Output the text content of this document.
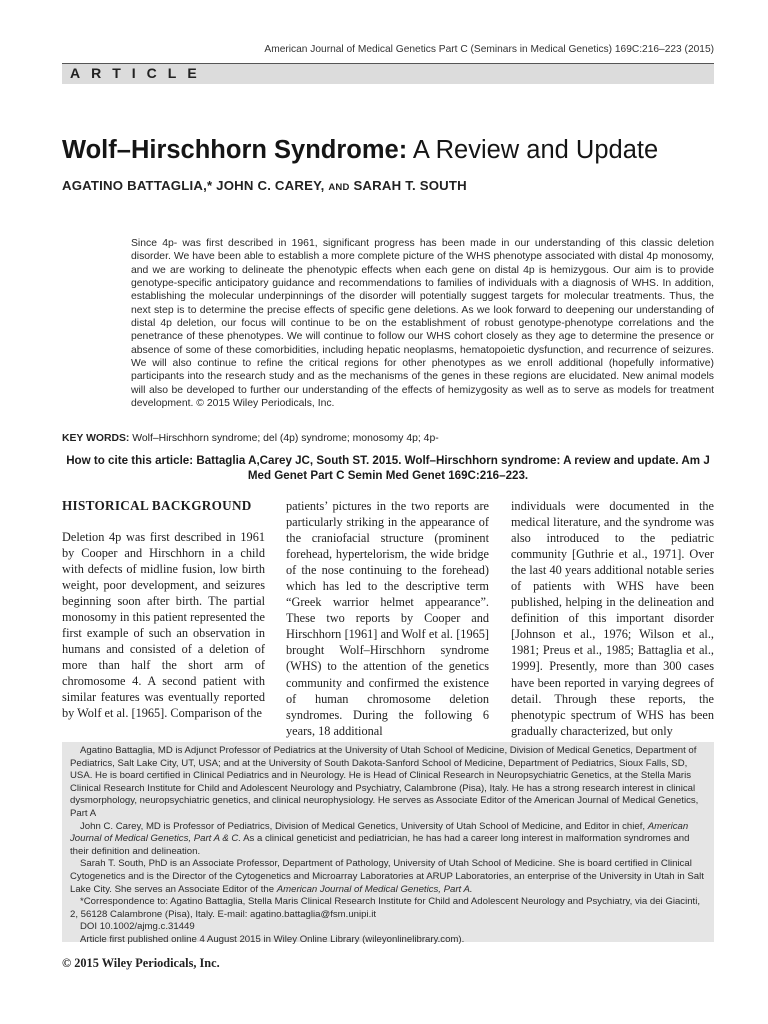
American Journal of Medical Genetics Part C (Seminars in Medical Genetics) 169C:216–223 (2015)
ARTICLE
Wolf–Hirschhorn Syndrome: A Review and Update
AGATINO BATTAGLIA,* JOHN C. CAREY, AND SARAH T. SOUTH

Since 4p- was first described in 1961, significant progress has been made in our understanding of this classic deletion disorder. We have been able to establish a more complete picture of the WHS phenotype associated with distal 4p monosomy, and we are working to delineate the phenotypic effects when each gene on distal 4p is hemizygous. Our aim is to provide genotype-specific anticipatory guidance and recommendations to families of individuals with a diagnosis of WHS. In addition, establishing the molecular underpinnings of the disorder will potentially suggest targets for molecular treatments. Thus, the next step is to determine the precise effects of specific gene deletions. As we look forward to deepening our understanding of distal 4p deletion, our focus will continue to be on the establishment of robust genotype-phenotype correlations and the penetrance of these phenotypes. We will continue to follow our WHS cohort closely as they age to determine the presence or absence of some of these comorbidities, including hepatic neoplasms, hematopoietic dysfunction, and recurrence of seizures. We will also continue to refine the critical regions for other phenotypes as we enroll additional (hopefully informative) participants into the research study and as the mechanisms of the genes in these regions are elucidated. New animal models will also be developed to further our understanding of the effects of hemizygosity as well as to serve as models for treatment development. © 2015 Wiley Periodicals, Inc.

KEY WORDS: Wolf–Hirschhorn syndrome; del (4p) syndrome; monosomy 4p; 4p-

How to cite this article: Battaglia A,Carey JC, South ST. 2015. Wolf–Hirschhorn syndrome: A review and update. Am J Med Genet Part C Semin Med Genet 169C:216–223.

HISTORICAL BACKGROUND

Deletion 4p was first described in 1961 by Cooper and Hirschhorn in a child with defects of midline fusion, low birth weight, poor development, and seizures beginning soon after birth. The partial monosomy in this patient represented the first example of such an observation in humans and consisted of a deletion of more than half the short arm of chromosome 4. A second patient with similar features was eventually reported by Wolf et al. [1965]. Comparison of the

patients’ pictures in the two reports are particularly striking in the appearance of the craniofacial structure (prominent forehead, hypertelorism, the wide bridge of the nose continuing to the forehead) which has led to the descriptive term “Greek warrior helmet appearance”. These two reports by Cooper and Hirschhorn [1961] and Wolf et al. [1965] brought Wolf–Hirschhorn syndrome (WHS) to the attention of the genetics community and confirmed the existence of human chromosome deletion syndromes. During the following 6 years, 18 additional

individuals were documented in the medical literature, and the syndrome was also introduced to the pediatric community [Guthrie et al., 1971]. Over the last 40 years additional notable series of patients with WHS have been published, helping in the delineation and definition of this important disorder [Johnson et al., 1976; Wilson et al., 1981; Preus et al., 1985; Battaglia et al., 1999]. Presently, more than 300 cases have been reported in varying degrees of detail. Through these reports, the phenotypic spectrum of WHS has been gradually characterized, but only

Agatino Battaglia, MD is Adjunct Professor of Pediatrics at the University of Utah School of Medicine, Division of Medical Genetics, Department of Pediatrics, Salt Lake City, UT, USA; and at the University of South Dakota-Sanford School of Medicine, Department of Pediatrics, Sioux Falls, SD, USA. He is board certified in Clinical Pediatrics and in Neurology. He is Head of Clinical Research in Neuropsychiatric Genetics, at the Stella Maris Clinical Research Institute for Child and Adolescent Neurology and Psychiatry, Calambrone (Pisa), Italy. He has a strong research interest in clinical dysmorphology, neuropsychiatric genetics, and clinical neurophysiology. He serves as Associate Editor of the American Journal of Medical Genetics, Part A

John C. Carey, MD is Professor of Pediatrics, Division of Medical Genetics, University of Utah School of Medicine, and Editor in chief, American Journal of Medical Genetics, Part A & C. As a clinical geneticist and pediatrician, he has had a career long interest in malformation syndromes and their definition and delineation.

Sarah T. South, PhD is an Associate Professor, Department of Pathology, University of Utah School of Medicine. She is board certified in Clinical Cytogenetics and is the Director of the Cytogenetics and Microarray Laboratories at ARUP Laboratories, an enterprise of the University in Utah in Salt Lake City. She serves an Associate Editor of the American Journal of Medical Genetics, Part A.

*Correspondence to: Agatino Battaglia, Stella Maris Clinical Research Institute for Child and Adolescent Neurology and Psychiatry, via dei Giacinti, 2, 56128 Calambrone (Pisa), Italy. E-mail: agatino.battaglia@fsm.unipi.it

DOI 10.1002/ajmg.c.31449

Article first published online 4 August 2015 in Wiley Online Library (wileyonlinelibrary.com).

© 2015 Wiley Periodicals, Inc.
